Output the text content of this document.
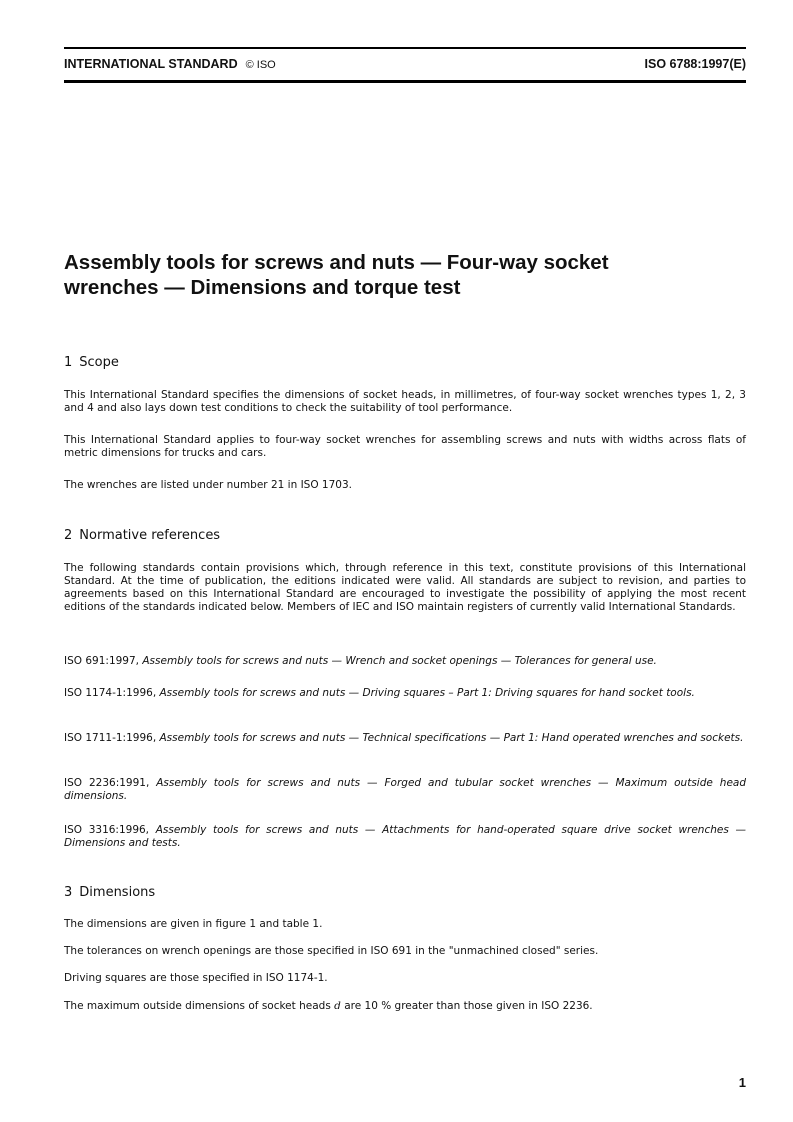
INTERNATIONAL STANDARD © ISO	ISO 6788:1997(E)
Assembly tools for screws and nuts — Four-way socket
wrenches — Dimensions and torque test
1 Scope

This International Standard specifies the dimensions of socket heads, in millimetres, of four-way socket wrenches types 1, 2, 3 and 4 and also lays down test conditions to check the suitability of tool performance.

This International Standard applies to four-way socket wrenches for assembling screws and nuts with widths across flats of metric dimensions for trucks and cars.

The wrenches are listed under number 21 in ISO 1703.

2 Normative references

The following standards contain provisions which, through reference in this text, constitute provisions of this International Standard. At the time of publication, the editions indicated were valid. All standards are subject to revision, and parties to agreements based on this International Standard are encouraged to investigate the possibility of applying the most recent editions of the standards indicated below. Members of IEC and ISO maintain registers of currently valid International Standards.

ISO 691:1997, Assembly tools for screws and nuts — Wrench and socket openings — Tolerances for general use.

ISO 1174-1:1996, Assembly tools for screws and nuts — Driving squares – Part 1: Driving squares for hand socket tools.

ISO 1711-1:1996, Assembly tools for screws and nuts — Technical specifications — Part 1: Hand operated wrenches and sockets.

ISO 2236:1991, Assembly tools for screws and nuts — Forged and tubular socket wrenches — Maximum outside head dimensions.

ISO 3316:1996, Assembly tools for screws and nuts — Attachments for hand-operated square drive socket wrenches — Dimensions and tests.

3 Dimensions

The dimensions are given in figure 1 and table 1.

The tolerances on wrench openings are those specified in ISO 691 in the "unmachined closed" series.

Driving squares are those specified in ISO 1174-1.

The maximum outside dimensions of socket heads d are 10 % greater than those given in ISO 2236.

1
